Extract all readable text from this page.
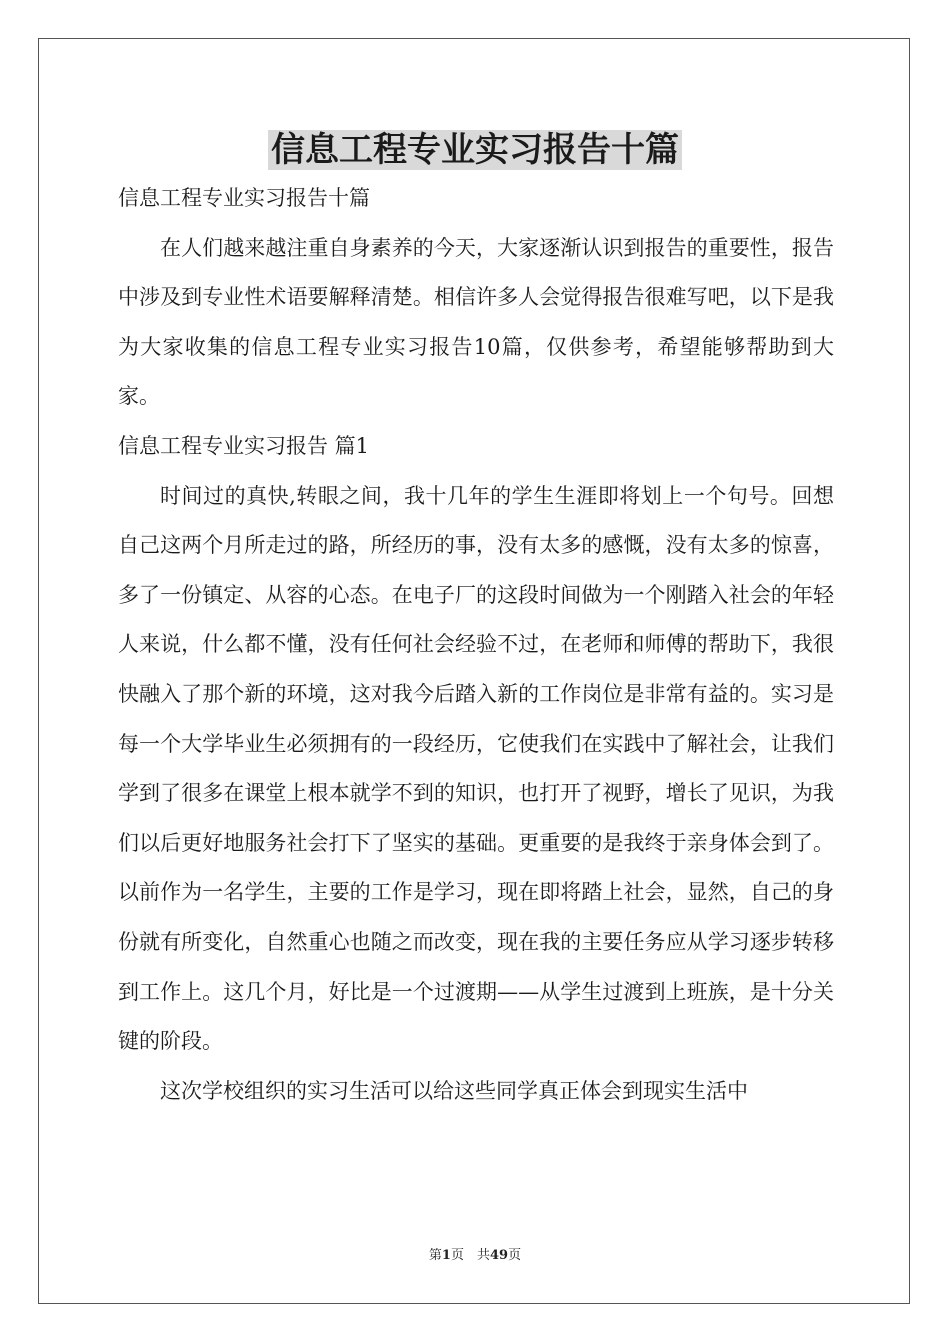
信息工程专业实习报告十篇

信息工程专业实习报告十篇

在人们越来越注重自身素养的今天，大家逐渐认识到报告的重要性，报告中涉及到专业性术语要解释清楚。相信许多人会觉得报告很难写吧，以下是我为大家收集的信息工程专业实习报告10篇，仅供参考，希望能够帮助到大家。

信息工程专业实习报告 篇1

时间过的真快,转眼之间，我十几年的学生生涯即将划上一个句号。回想自己这两个月所走过的路，所经历的事，没有太多的感慨，没有太多的惊喜，多了一份镇定、从容的心态。在电子厂的这段时间做为一个刚踏入社会的年轻人来说，什么都不懂，没有任何社会经验不过，在老师和师傅的帮助下，我很快融入了那个新的环境，这对我今后踏入新的工作岗位是非常有益的。实习是每一个大学毕业生必须拥有的一段经历，它使我们在实践中了解社会，让我们学到了很多在课堂上根本就学不到的知识，也打开了视野，增长了见识，为我们以后更好地服务社会打下了坚实的基础。更重要的是我终于亲身体会到了。以前作为一名学生，主要的工作是学习，现在即将踏上社会，显然，自己的身份就有所变化，自然重心也随之而改变，现在我的主要任务应从学习逐步转移到工作上。这几个月，好比是一个过渡期——从学生过渡到上班族，是十分关键的阶段。

这次学校组织的实习生活可以给这些同学真正体会到现实生活中

第1页　共49页
